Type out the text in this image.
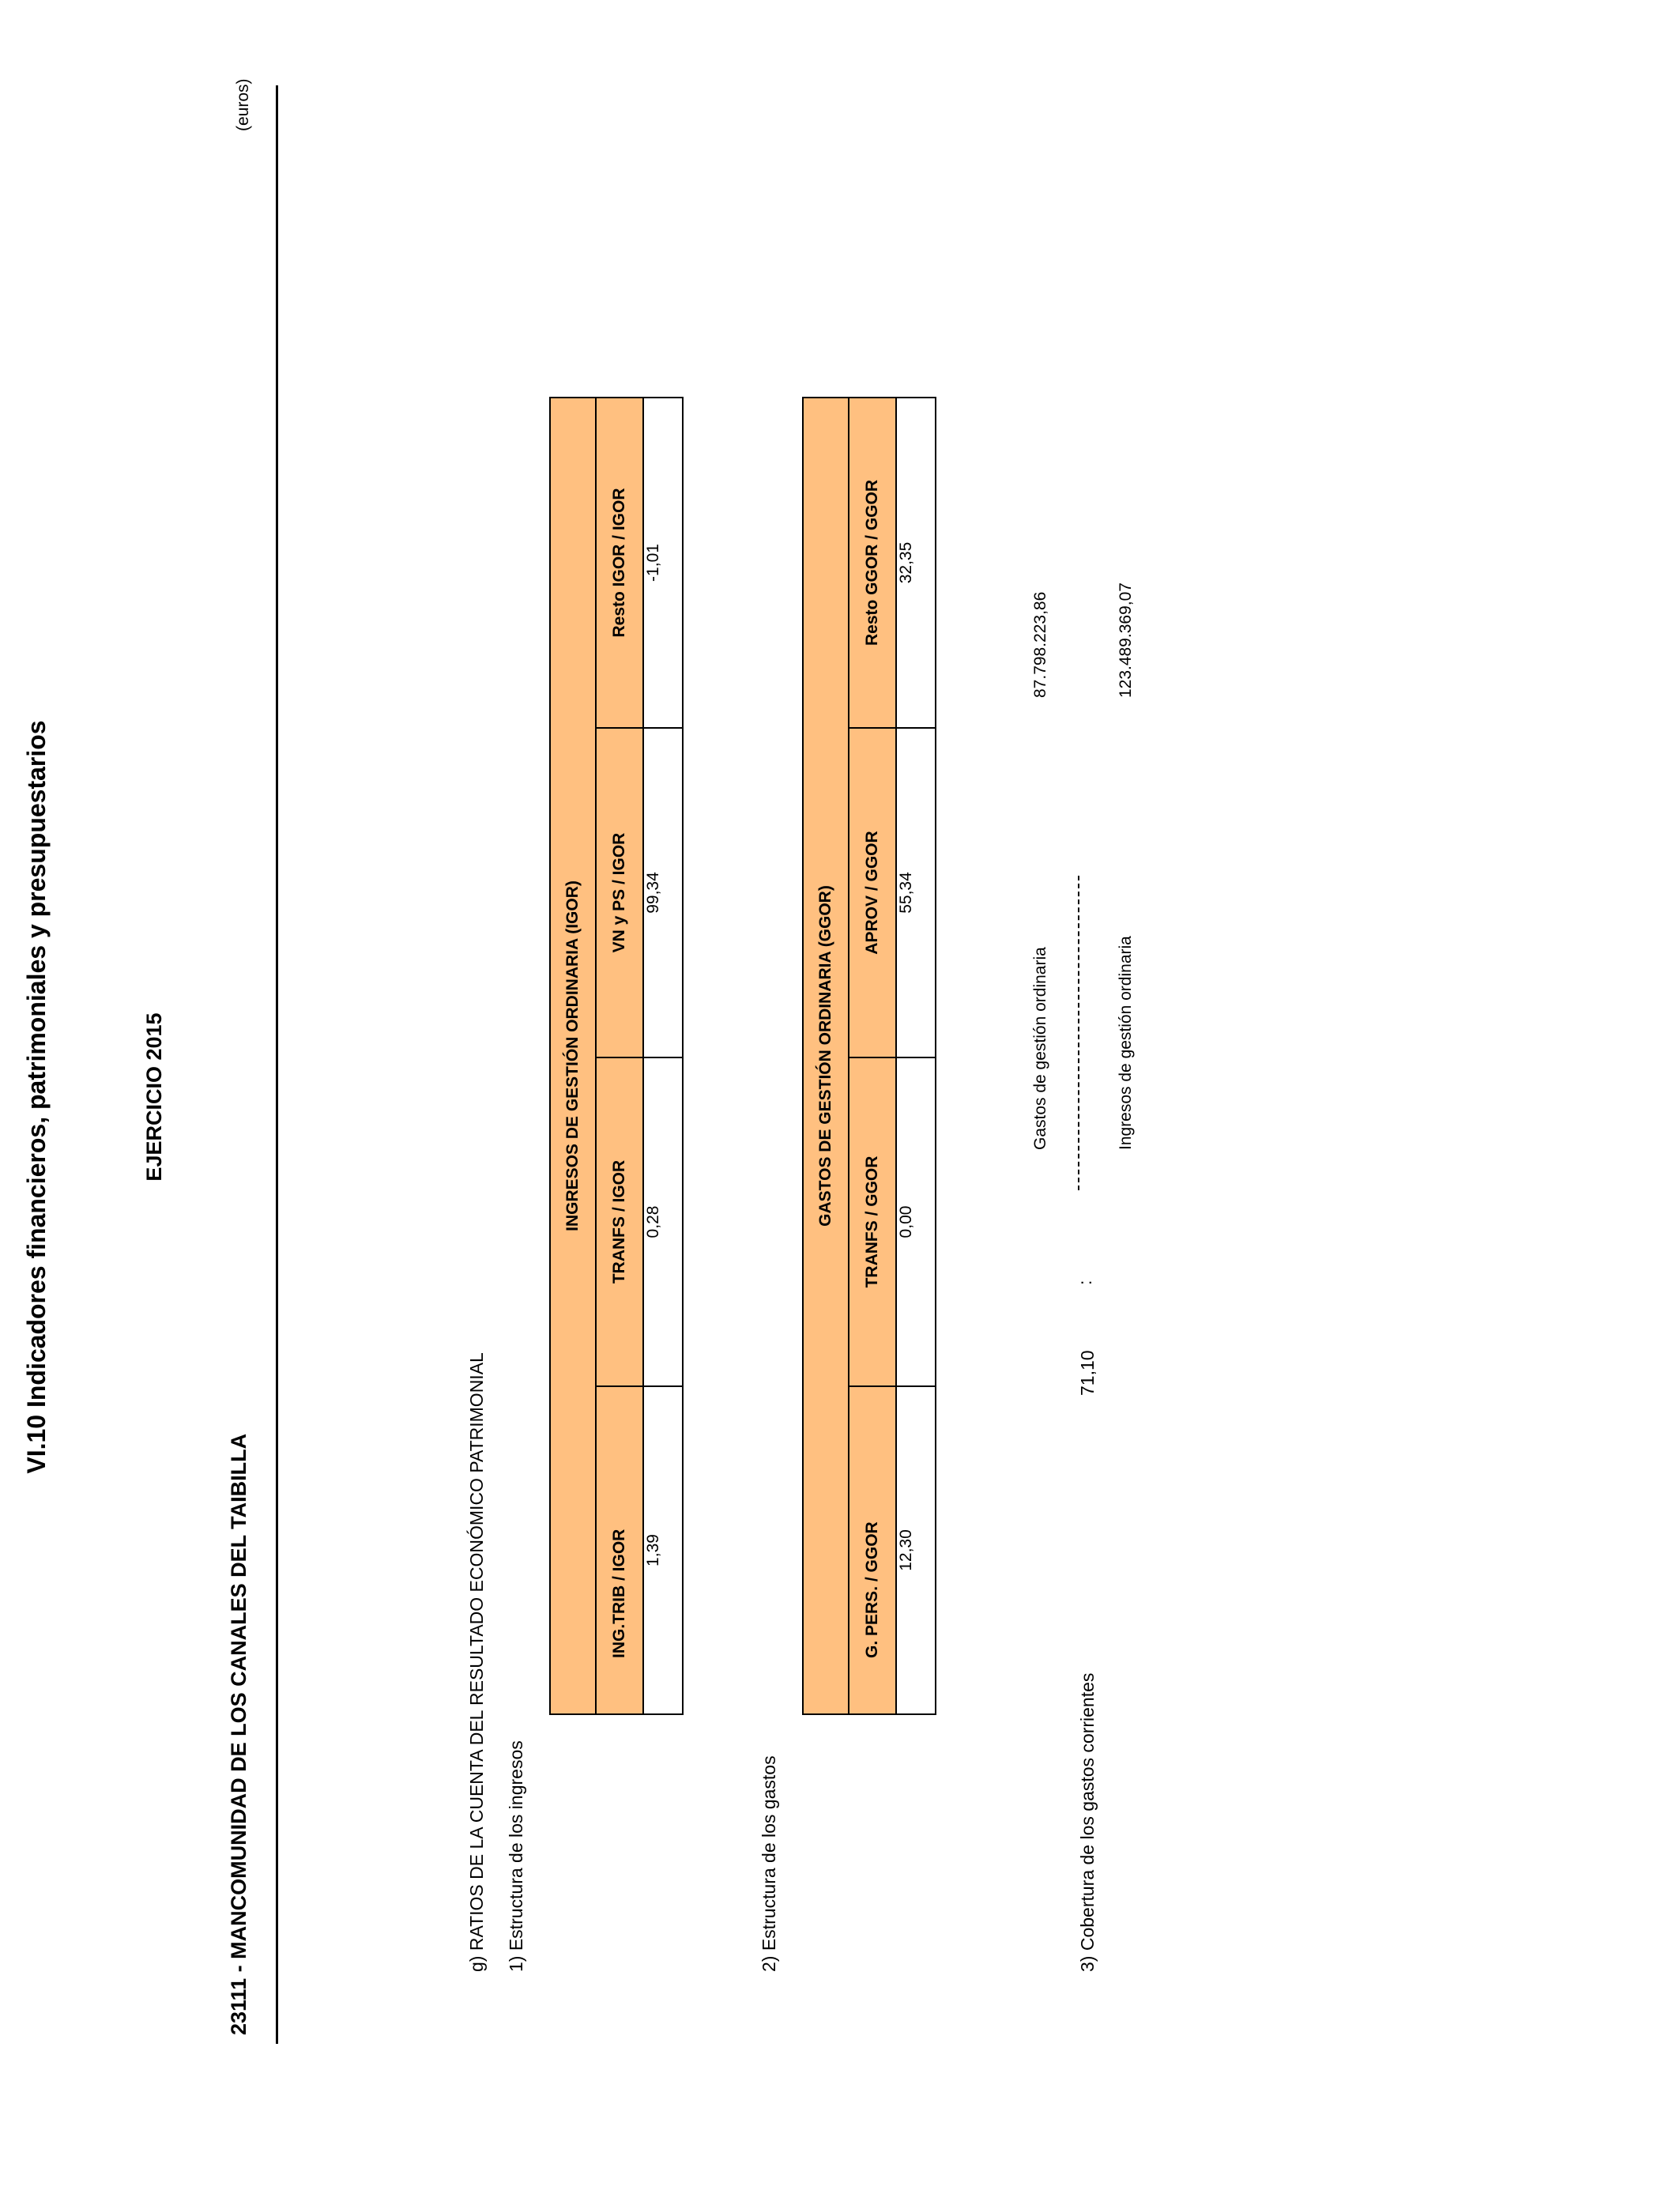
VI.10 Indicadores financieros, patrimoniales y presupuestarios	EJERCICIO 2015
23111 - MANCOMUNIDAD DE LOS CANALES DEL TAIBILLA
(euros)
g) RATIOS DE LA CUENTA DEL RESULTADO ECONÓMICO PATRIMONIAL 1) Estructura de los ingresos
INGRESOS DE GESTIÓN ORDINARIA (IGOR)			
ING.TRIB / IGOR	TRANFS / IGOR	VN y PS / IGOR	Resto IGOR / IGOR
1,39	0,28	99,34	-1,01
2) Estructura de los gastos
GASTOS DE GESTIÓN ORDINARIA (GGOR)			
G. PERS. / GGOR	TRANFS / GGOR	APROV / GGOR	Resto GGOR / GGOR
12,30	0,00	55,34	32,35
3) Cobertura de los gastos corrientes
71,10
:
Gastos de gestión ordinaria
87.798.223,86
Ingresos de gestión ordinaria
123.489.369,07
